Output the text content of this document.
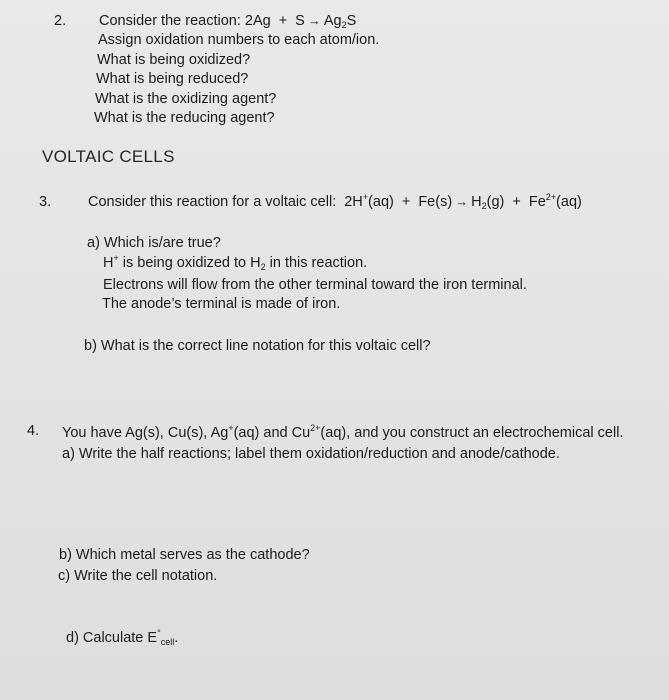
2. Consider the reaction: $2Ag + S \to Ag_2S$
Assign oxidation numbers to each atom/ion.
What is being oxidized?
What is being reduced?
What is the oxidizing agent?
What is the reducing agent?
VOLTAIC CELLS
3.	Consider this reaction for a voltaic cell: $2H^+(aq) + Fe(s) \to H_2(g) + Fe^{2+}(aq)$
a) Which is/are true?
H+ is being oxidized to $H_2$ in this reaction.
Electrons will flow from the other terminal toward the iron terminal.
The anode’s terminal is made of iron.
b) What is the correct line notation for this voltaic cell?
4. You have Ag(s), Cu(s), Ag+(aq) and $Cu^{2+}(aq)$, and you construct an electrochemical cell.
a) Write the half reactions; label them oxidation/reduction and anode/cathode.
b) Which metal serves as the cathode?
c) Write the cell notation.
d) Calculate $E^\circ_{cell}$.
